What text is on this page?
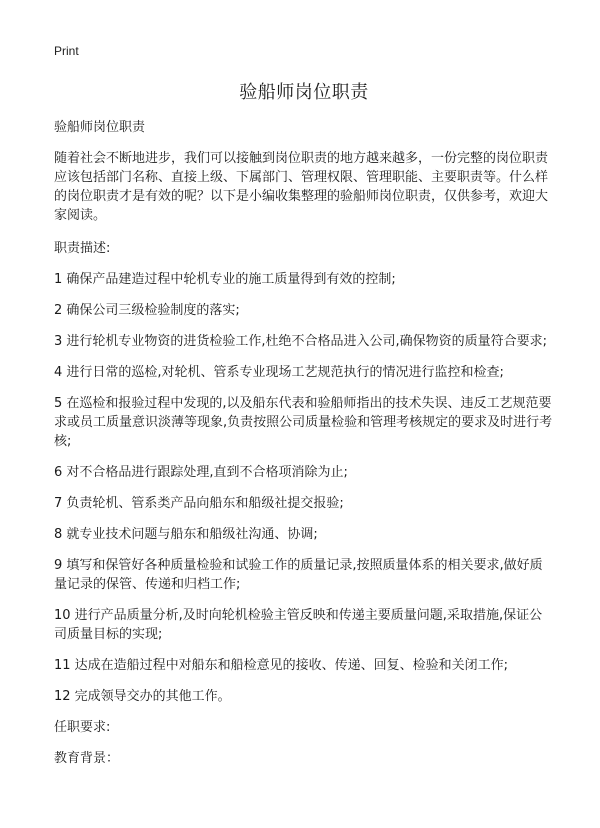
Print
验船师岗位职责

验船师岗位职责

随着社会不断地进步，我们可以接触到岗位职责的地方越来越多，一份完整的岗位职责应该包括部门名称、直接上级、下属部门、管理权限、管理职能、主要职责等。什么样的岗位职责才是有效的呢？以下是小编收集整理的验船师岗位职责，仅供参考，欢迎大家阅读。

职责描述:

1 确保产品建造过程中轮机专业的施工质量得到有效的控制;

2 确保公司三级检验制度的落实;

3 进行轮机专业物资的进货检验工作,杜绝不合格品进入公司,确保物资的质量符合要求;

4 进行日常的巡检,对轮机、管系专业现场工艺规范执行的情况进行监控和检查;

5 在巡检和报验过程中发现的,以及船东代表和验船师指出的技术失误、违反工艺规范要求或员工质量意识淡薄等现象,负责按照公司质量检验和管理考核规定的要求及时进行考核;

6 对不合格品进行跟踪处理,直到不合格项消除为止;

7 负责轮机、管系类产品向船东和船级社提交报验;

8 就专业技术问题与船东和船级社沟通、协调;

9 填写和保管好各种质量检验和试验工作的质量记录,按照质量体系的相关要求,做好质量记录的保管、传递和归档工作;

10 进行产品质量分析,及时向轮机检验主管反映和传递主要质量问题,采取措施,保证公司质量目标的实现;

11 达成在造船过程中对船东和船检意见的接收、传递、回复、检验和关闭工作;

12 完成领导交办的其他工作。

任职要求:

教育背景：
